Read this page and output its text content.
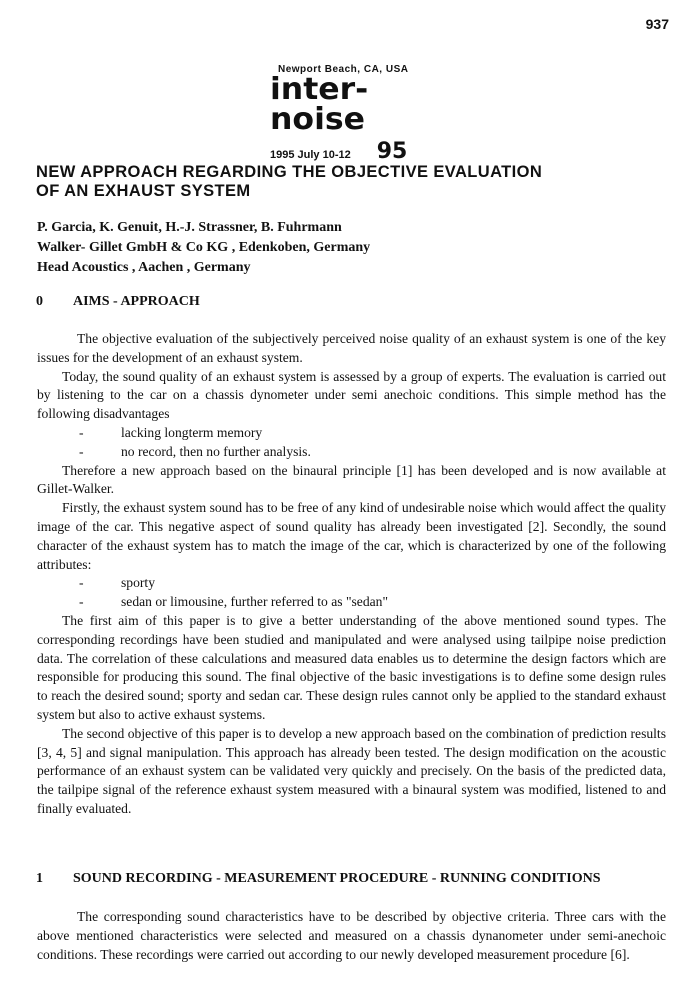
937
Newport Beach, CA, USA
inter-noise
1995 July 10-12 95
NEW APPROACH REGARDING THE OBJECTIVE EVALUATION
OF AN EXHAUST SYSTEM
P. Garcia, K. Genuit, H.-J. Strassner, B. Fuhrmann
Walker- Gillet GmbH & Co KG , Edenkoben, Germany
Head Acoustics , Aachen , Germany
0	AIMS - APPROACH

The objective evaluation of the subjectively perceived noise quality of an exhaust system is one of the key issues for the development of an exhaust system.

Today, the sound quality of an exhaust system is assessed by a group of experts. The evaluation is carried out by listening to the car on a chassis dynometer under semi anechoic conditions. This simple method has the following disadvantages

-	lacking longterm memory
-	no record, then no further analysis.

Therefore a new approach based on the binaural principle [1] has been developed and is now available at Gillet-Walker.

Firstly, the exhaust system sound has to be free of any kind of undesirable noise which would affect the quality image of the car. This negative aspect of sound quality has already been investigated [2]. Secondly, the sound character of the exhaust system has to match the image of the car, which is characterized by one of the following attributes:

-	sporty
-	sedan or limousine, further referred to as "sedan"

The first aim of this paper is to give a better understanding of the above mentioned sound types. The corresponding recordings have been studied and manipulated and were analysed using tailpipe noise prediction data. The correlation of these calculations and measured data enables us to determine the design factors which are responsible for producing this sound. The final objective of the basic investigations is to define some design rules to reach the desired sound; sporty and sedan car. These design rules cannot only be applied to the standard exhaust system but also to active exhaust systems.

The second objective of this paper is to develop a new approach based on the combination of prediction results [3, 4, 5] and signal manipulation. This approach has already been tested. The design modification on the acoustic performance of an exhaust system can be validated very quickly and precisely. On the basis of the predicted data, the tailpipe signal of the reference exhaust system measured with a binaural system was modified, listened to and finally evaluated.

1	SOUND RECORDING - MEASUREMENT PROCEDURE - RUNNING CONDITIONS

The corresponding sound characteristics have to be described by objective criteria. Three cars with the above mentioned characteristics were selected and measured on a chassis dynanometer under semi-anechoic conditions. These recordings were carried out according to our newly developed measurement procedure [6].
